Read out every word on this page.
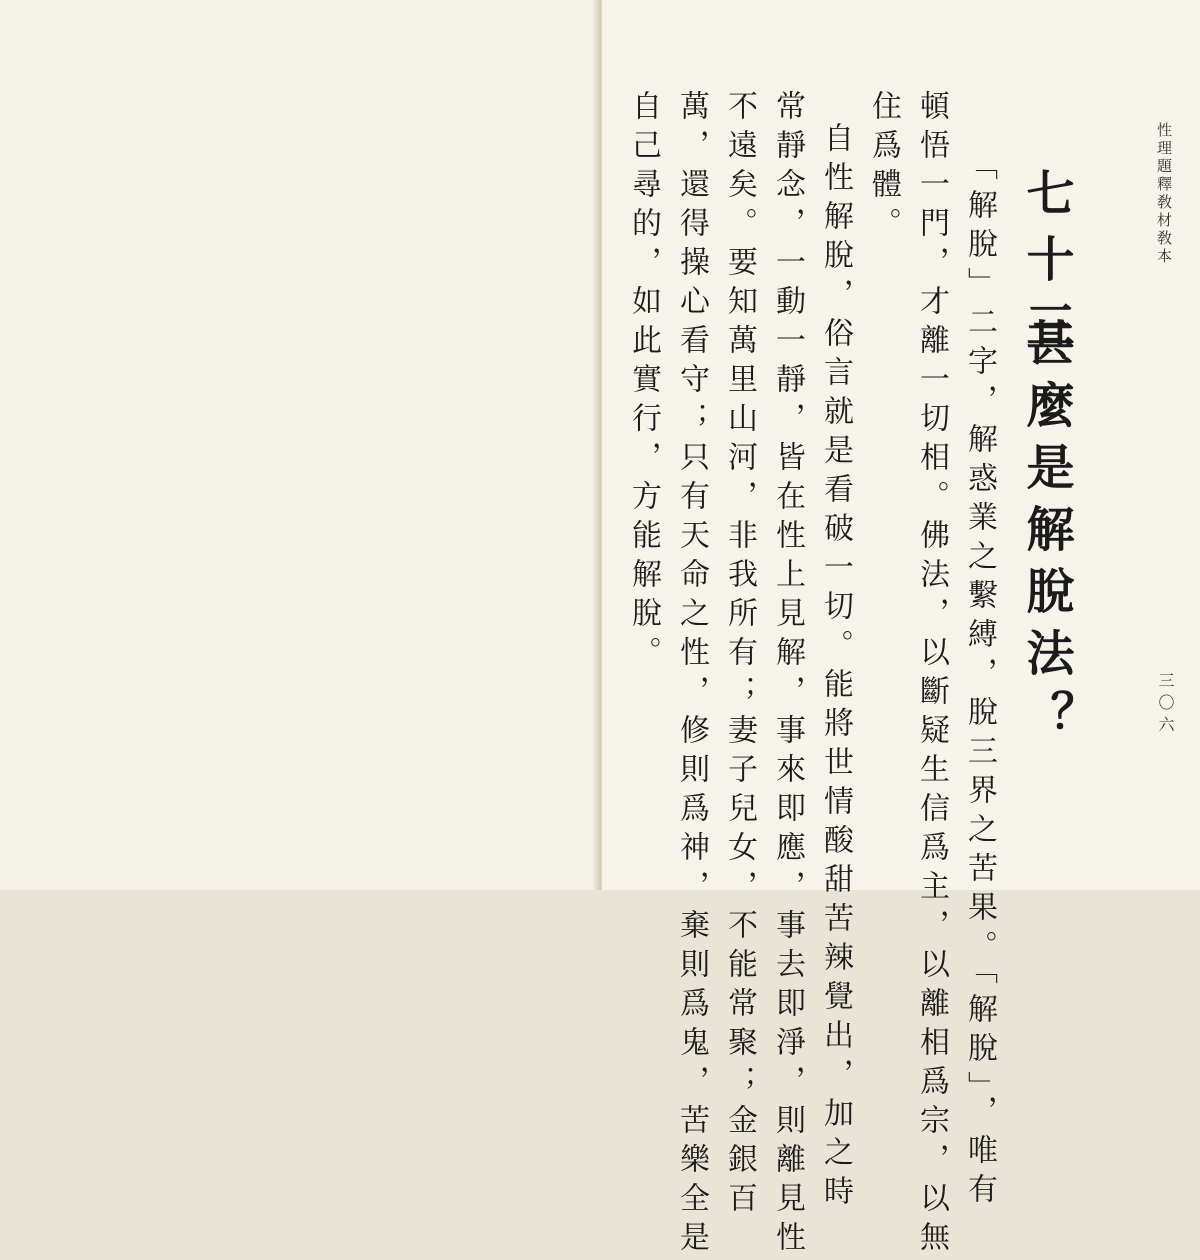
性理題釋敎材敎本
三〇六
七十三
甚麼是解脫法？
「解脫」二字，解惑業之繫縛，脫三界之苦果。「解脫」，唯有
頓悟一門，才離一切相。佛法，以斷疑生信爲主，以離相爲宗，以無
住爲體。
自性解脫，俗言就是看破一切。能將世情酸甜苦辣覺出，加之時
常靜念，一動一靜，皆在性上見解，事來即應，事去即淨，則離見性
不遠矣。要知萬里山河，非我所有；妻子兒女，不能常聚；金銀百
萬，還得操心看守；只有天命之性，修則爲神，棄則爲鬼，苦樂全是
自己尋的，如此實行，方能解脫。
